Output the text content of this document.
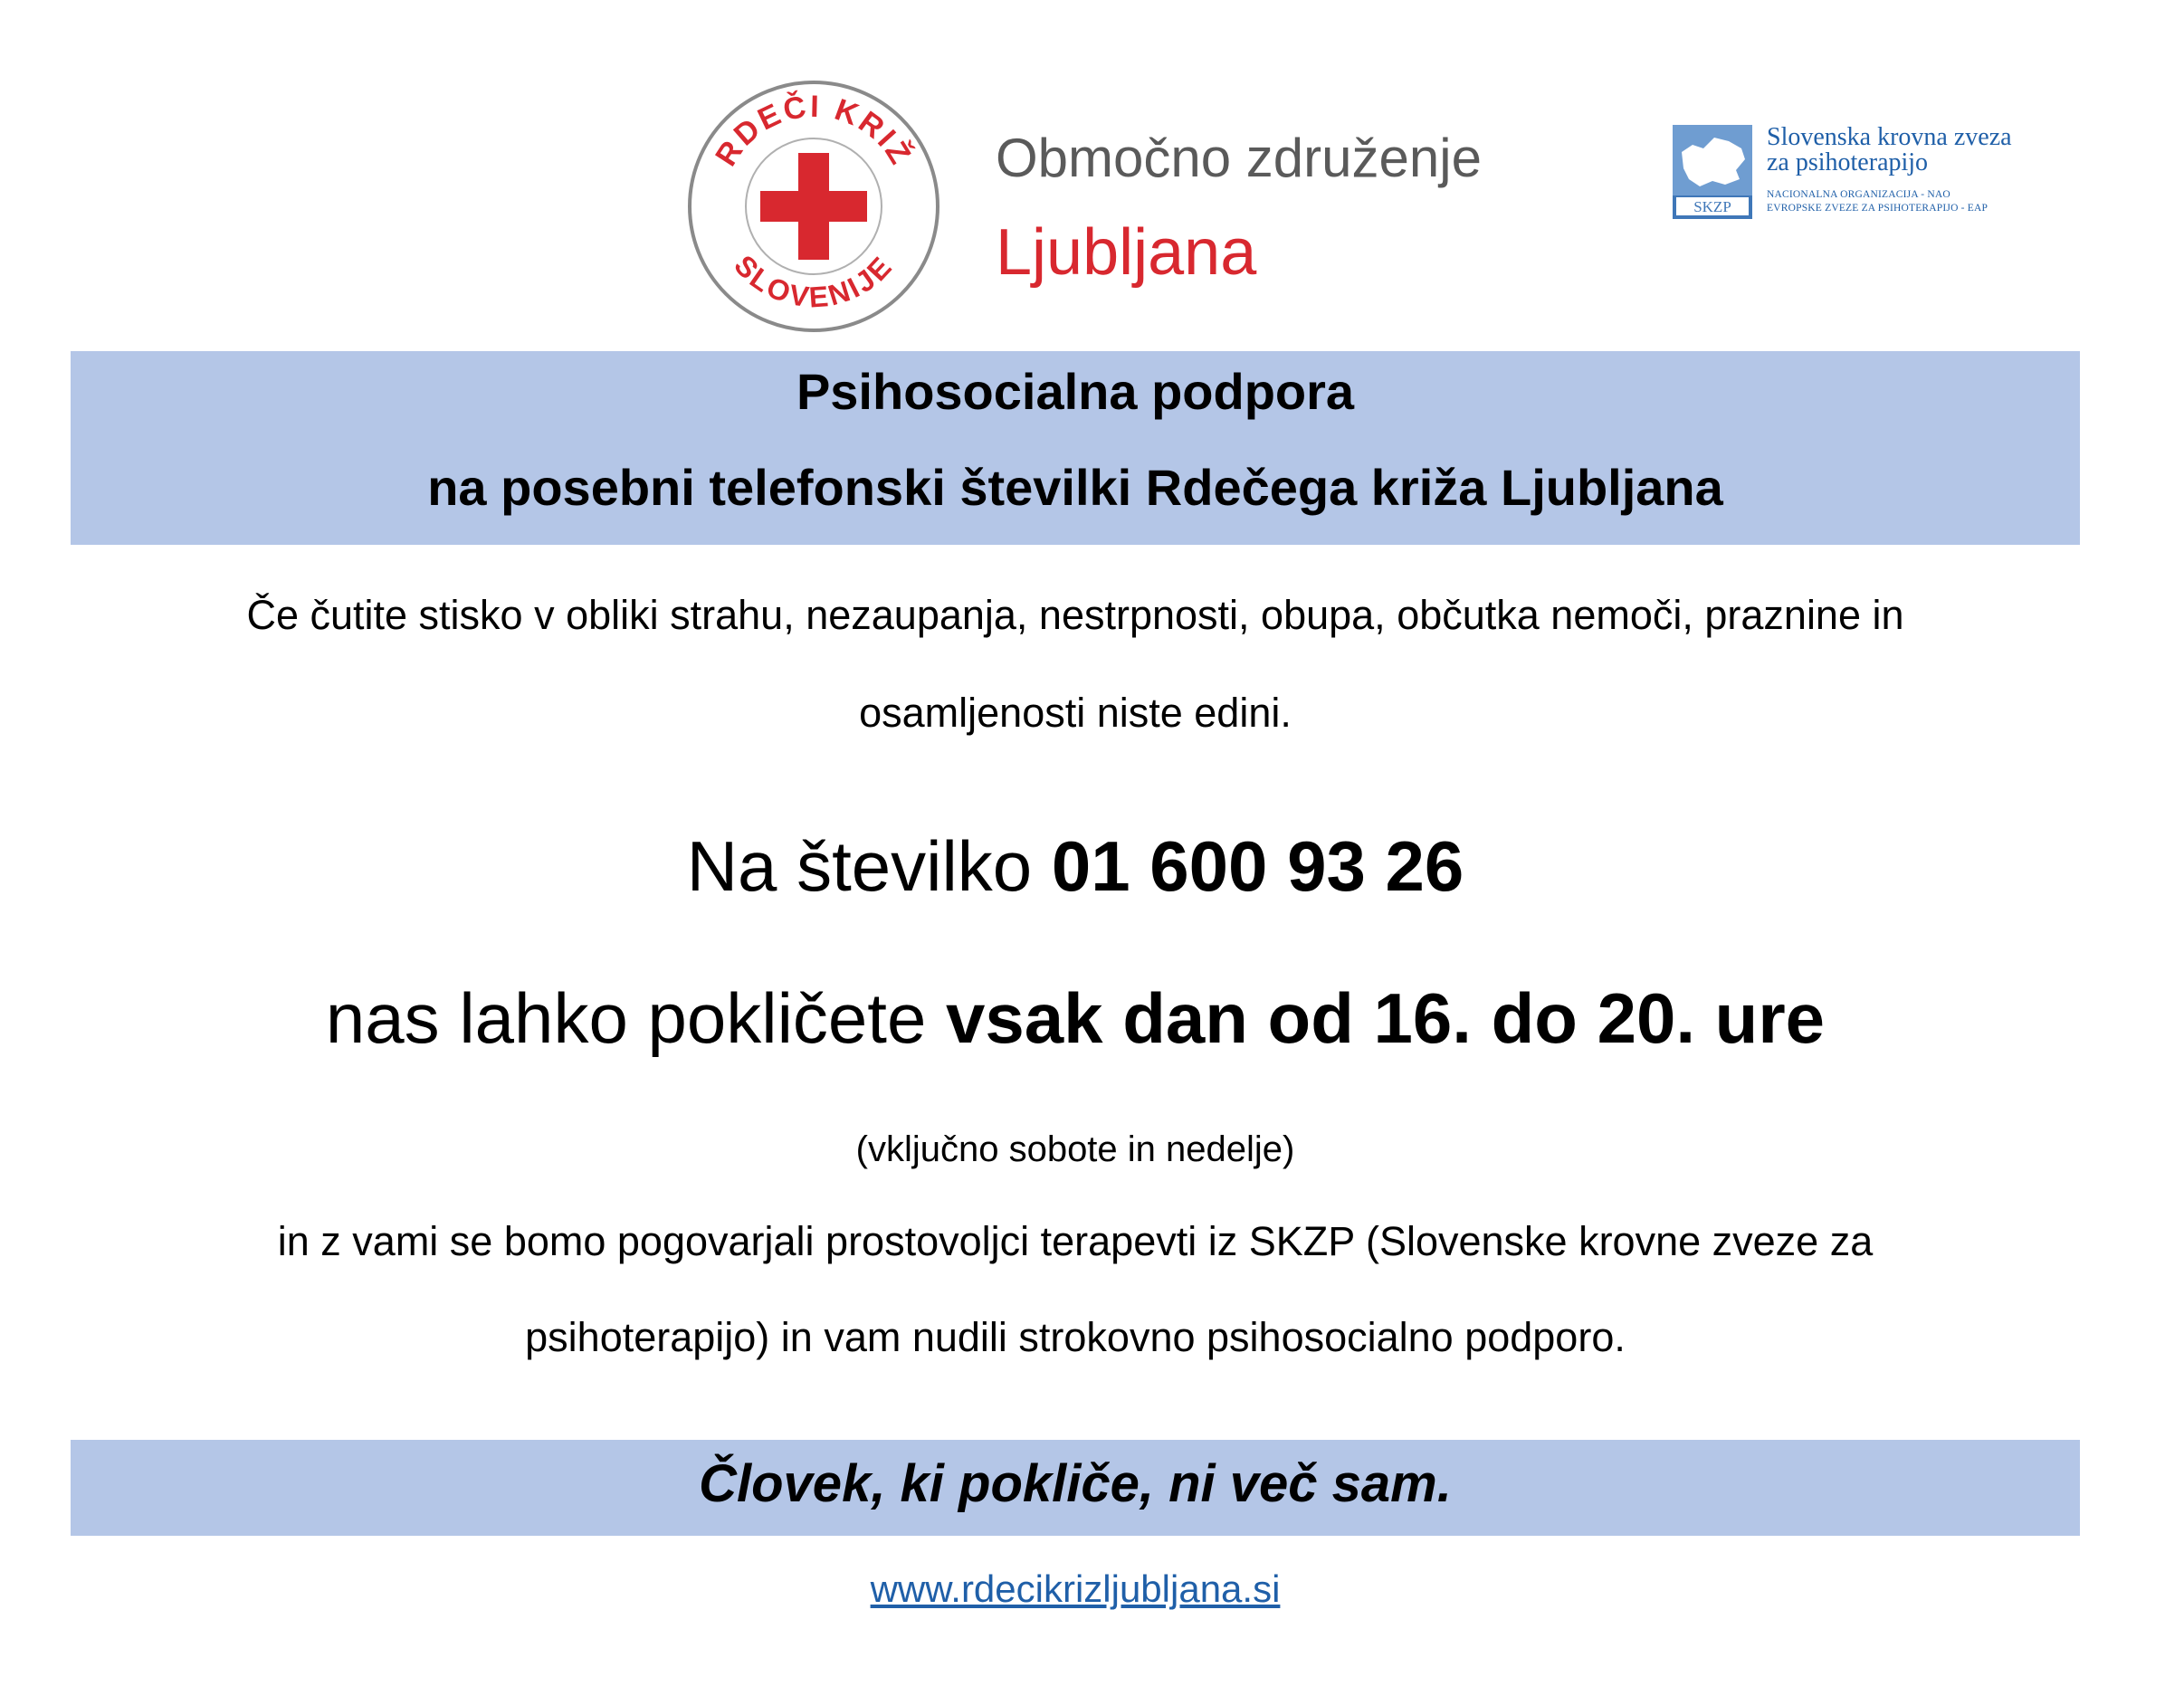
RDEČI KRIŽ
SLOVENIJE
Območno združenje
Ljubljana
SKZP
Slovenska krovna zveza
za psihoterapijo
NACIONALNA ORGANIZACIJA - NAO
EVROPSKE ZVEZE ZA PSIHOTERAPIJO - EAP
Psihosocialna podpora
na posebni telefonski številki Rdečega križa Ljubljana
Če čutite stisko v obliki strahu, nezaupanja, nestrpnosti, obupa, občutka nemoči, praznine in
osamljenosti niste edini.
Na številko 01 600 93 26
nas lahko pokličete vsak dan od 16. do 20. ure
(vključno sobote in nedelje)
in z vami se bomo pogovarjali prostovoljci terapevti iz SKZP (Slovenske krovne zveze za
psihoterapijo) in vam nudili strokovno psihosocialno podporo.
Človek, ki pokliče, ni več sam.
www.rdecikrizljubljana.si
